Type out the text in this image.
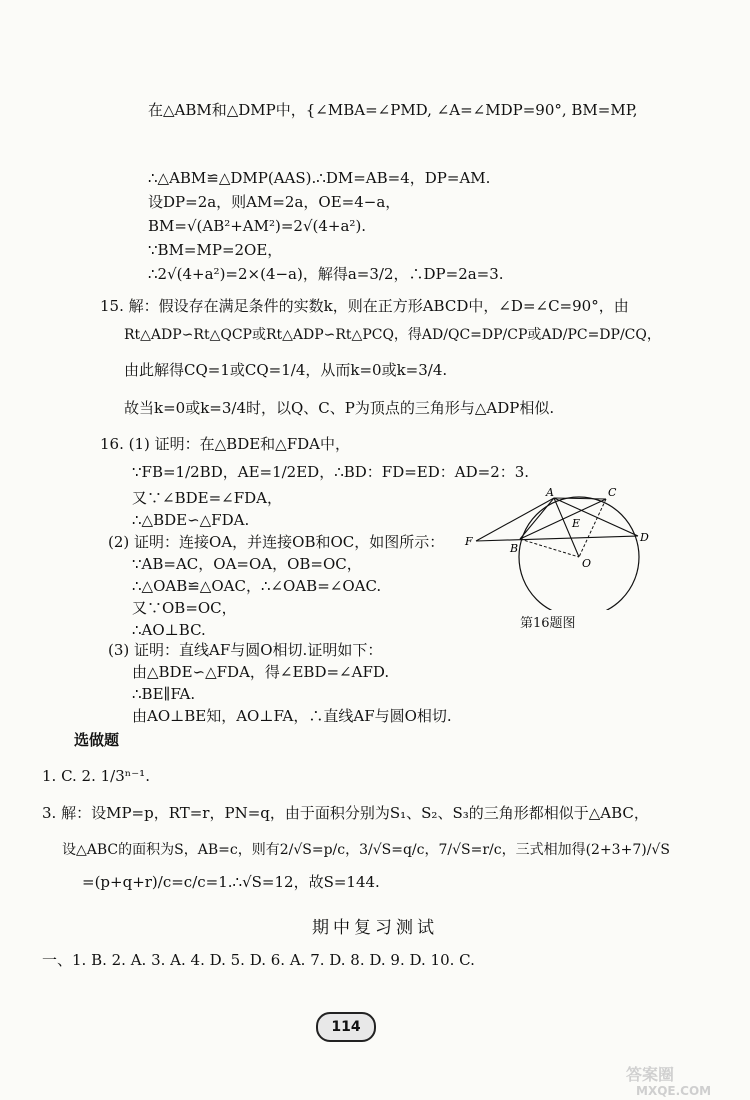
在△ABM和△DMP中，{∠MBA=∠PMD, ∠A=∠MDP=90°, BM=MP,
∴△ABM≌△DMP(AAS).∴DM=AB=4，DP=AM.
设DP=2a，则AM=2a，OE=4−a，
BM=√(AB²+AM²)=2√(4+a²).
∵BM=MP=2OE，
∴2√(4+a²)=2×(4−a)，解得a=3/2，∴DP=2a=3.
15. 解：假设存在满足条件的实数k，则在正方形ABCD中，∠D=∠C=90°，由
Rt△ADP∽Rt△QCP或Rt△ADP∽Rt△PCQ，得AD/QC=DP/CP或AD/PC=DP/CQ，
由此解得CQ=1或CQ=1/4，从而k=0或k=3/4.
故当k=0或k=3/4时，以Q、C、P为顶点的三角形与△ADP相似.
16. (1) 证明：在△BDE和△FDA中，
∵FB=1/2BD，AE=1/2ED，∴BD：FD=ED：AD=2：3.
又∵∠BDE=∠FDA，
∴△BDE∽△FDA.
(2) 证明：连接OA，并连接OB和OC，如图所示：
∵AB=AC，OA=OA，OB=OC，
∴△OAB≌△OAC，∴∠OAB=∠OAC.
又∵OB=OC，
∴AO⊥BC.
(3) 证明：直线AF与圆O相切.证明如下：
由△BDE∽△FDA，得∠EBD=∠AFD.
∴BE∥FA.
由AO⊥BE知，AO⊥FA，∴直线AF与圆O相切.
A	C
E
F
B
O
D
第16题图
选做题
1. C. 2. 1/3ⁿ⁻¹.
3. 解：设MP=p，RT=r，PN=q，由于面积分别为S₁、S₂、S₃的三角形都相似于△ABC，
设△ABC的面积为S，AB=c，则有2/√S=p/c，3/√S=q/c，7/√S=r/c，三式相加得(2+3+7)/√S
=(p+q+r)/c=c/c=1.∴√S=12，故S=144.
期中复习测试
一、1. B. 2. A. 3. A. 4. D. 5. D. 6. A. 7. D. 8. D. 9. D. 10. C.
114
答案圈
MXQE.COM
